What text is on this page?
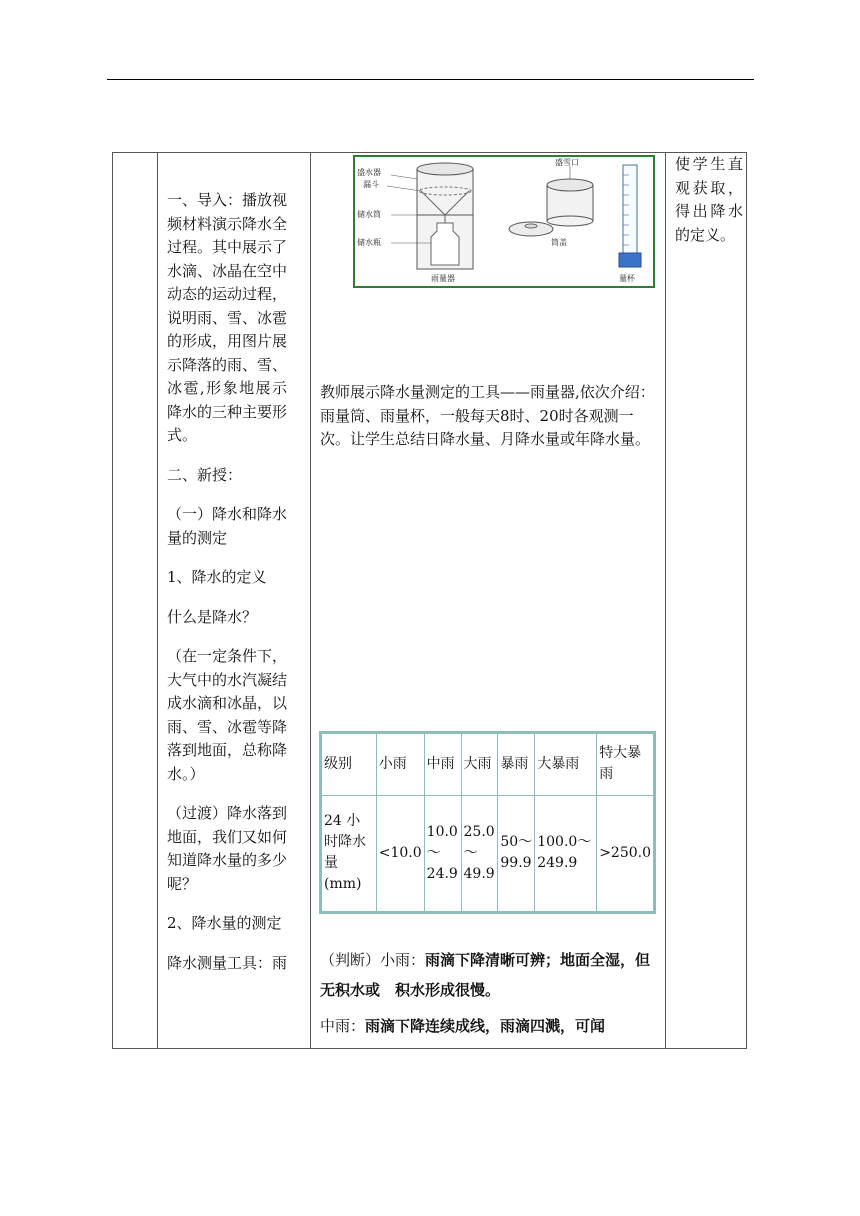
一、导入：播放视频材料演示降水全过程。其中展示了水滴、冰晶在空中动态的运动过程，说明雨、雪、冰雹的形成，用图片展示降落的雨、雪、冰雹,形象地展示降水的三种主要形式。

二、新授：

（一）降水和降水量的测定

1、降水的定义

什么是降水？

（在一定条件下，大气中的水汽凝结成水滴和冰晶，以雨、雪、冰雹等降落到地面，总称降水。）

（过渡）降水落到地面，我们又如何知道降水量的多少呢？

2、降水量的测定

降水测量工具：雨

盛水器
漏斗
储水筒
储水瓶
雨量器
盛雪口
筒盖
量杯
教师展示降水量测定的工具——雨量器,依次介绍：雨量筒、雨量杯，一般每天8时、20时各观测一次。让学生总结日降水量、月降水量或年降水量。
使学生直观获取，得出降水的定义。
级别	小雨	中雨	大雨	暴雨	大暴雨	特大暴雨
24 小时降水量(mm)	<10.0	10.0～24.9	25.0～49.9	50～99.9	100.0～249.9	>250.0
（判断）小雨：雨滴下降清晰可辨；地面全湿，但无积水或　积水形成很慢。
中雨：雨滴下降连续成线，雨滴四溅，可闻
